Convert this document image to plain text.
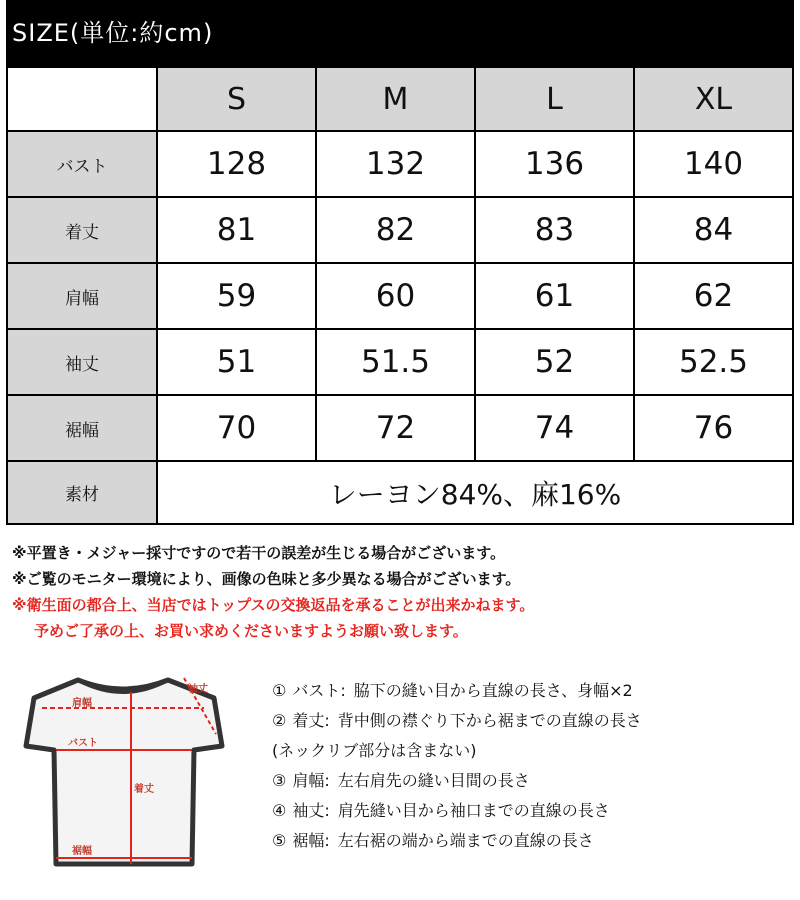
SIZE(単位:約cm)
	S	M	L	XL
バスト	128	132	136	140
着丈	81	82	83	84
肩幅	59	60	61	62
袖丈	51	51.5	52	52.5
裾幅	70	72	74	76
素材	レーヨン84%、麻16%			
※平置き・メジャー採寸ですので若干の誤差が生じる場合がございます。
※ご覧のモニター環境により、画像の色味と多少異なる場合がございます。
※衛生面の都合上、当店ではトップスの交換返品を承ることが出来かねます。
予めご了承の上、お買い求めくださいますようお願い致します。
袖丈
肩幅
バスト
着丈
裾幅
① バスト: 脇下の縫い目から直線の長さ、身幅×2
② 着丈: 背中側の襟ぐり下から裾までの直線の長さ
(ネックリブ部分は含まない)
③ 肩幅: 左右肩先の縫い目間の長さ
④ 袖丈: 肩先縫い目から袖口までの直線の長さ
⑤ 裾幅: 左右裾の端から端までの直線の長さ
